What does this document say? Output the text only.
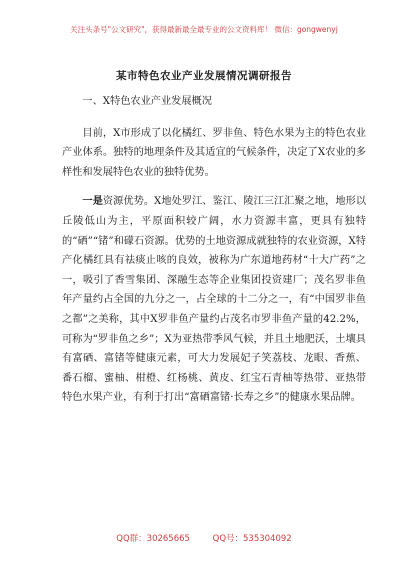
关注头条号"公文研究"，获得最新最全最专业的公文资料库！ 微信：gongwenyj
某市特色农业产业发展情况调研报告

一、X特色农业产业发展概况

目前，X市形成了以化橘红、罗非鱼、特色水果为主的特色农业产业体系。独特的地理条件及其适宜的气候条件，决定了X农业的多样性和发展特色农业的独特优势。

一是资源优势。X地处罗江、鉴江、陵江三江汇聚之地，地形以丘陵低山为主，平原面积较广阔，水力资源丰富，更具有独特的“硒”“锗”和礞石资源。优势的土地资源成就独特的农业资源，X特产化橘红具有祛痰止咳的良效，被称为广东道地药材“十大广药”之一，吸引了香雪集团、深融生态等企业集团投资建厂；茂名罗非鱼年产量约占全国的九分之一，占全球的十二分之一，有“中国罗非鱼之都”之美称，其中X罗非鱼产量约占茂名市罗非鱼产量的42.2%，可称为“罗非鱼之乡”；X为亚热带季风气候，并且土地肥沃，土壤具有富硒、富锗等健康元素，可大力发展妃子笑荔枝、龙眼、香蕉、番石榴、蜜柚、柑橙、红杨桃、黄皮、红宝石青柚等热带、亚热带特色水果产业，有利于打出“富硒富锗·长寿之乡”的健康水果品牌。

QQ群：30265665	QQ号：535304092
